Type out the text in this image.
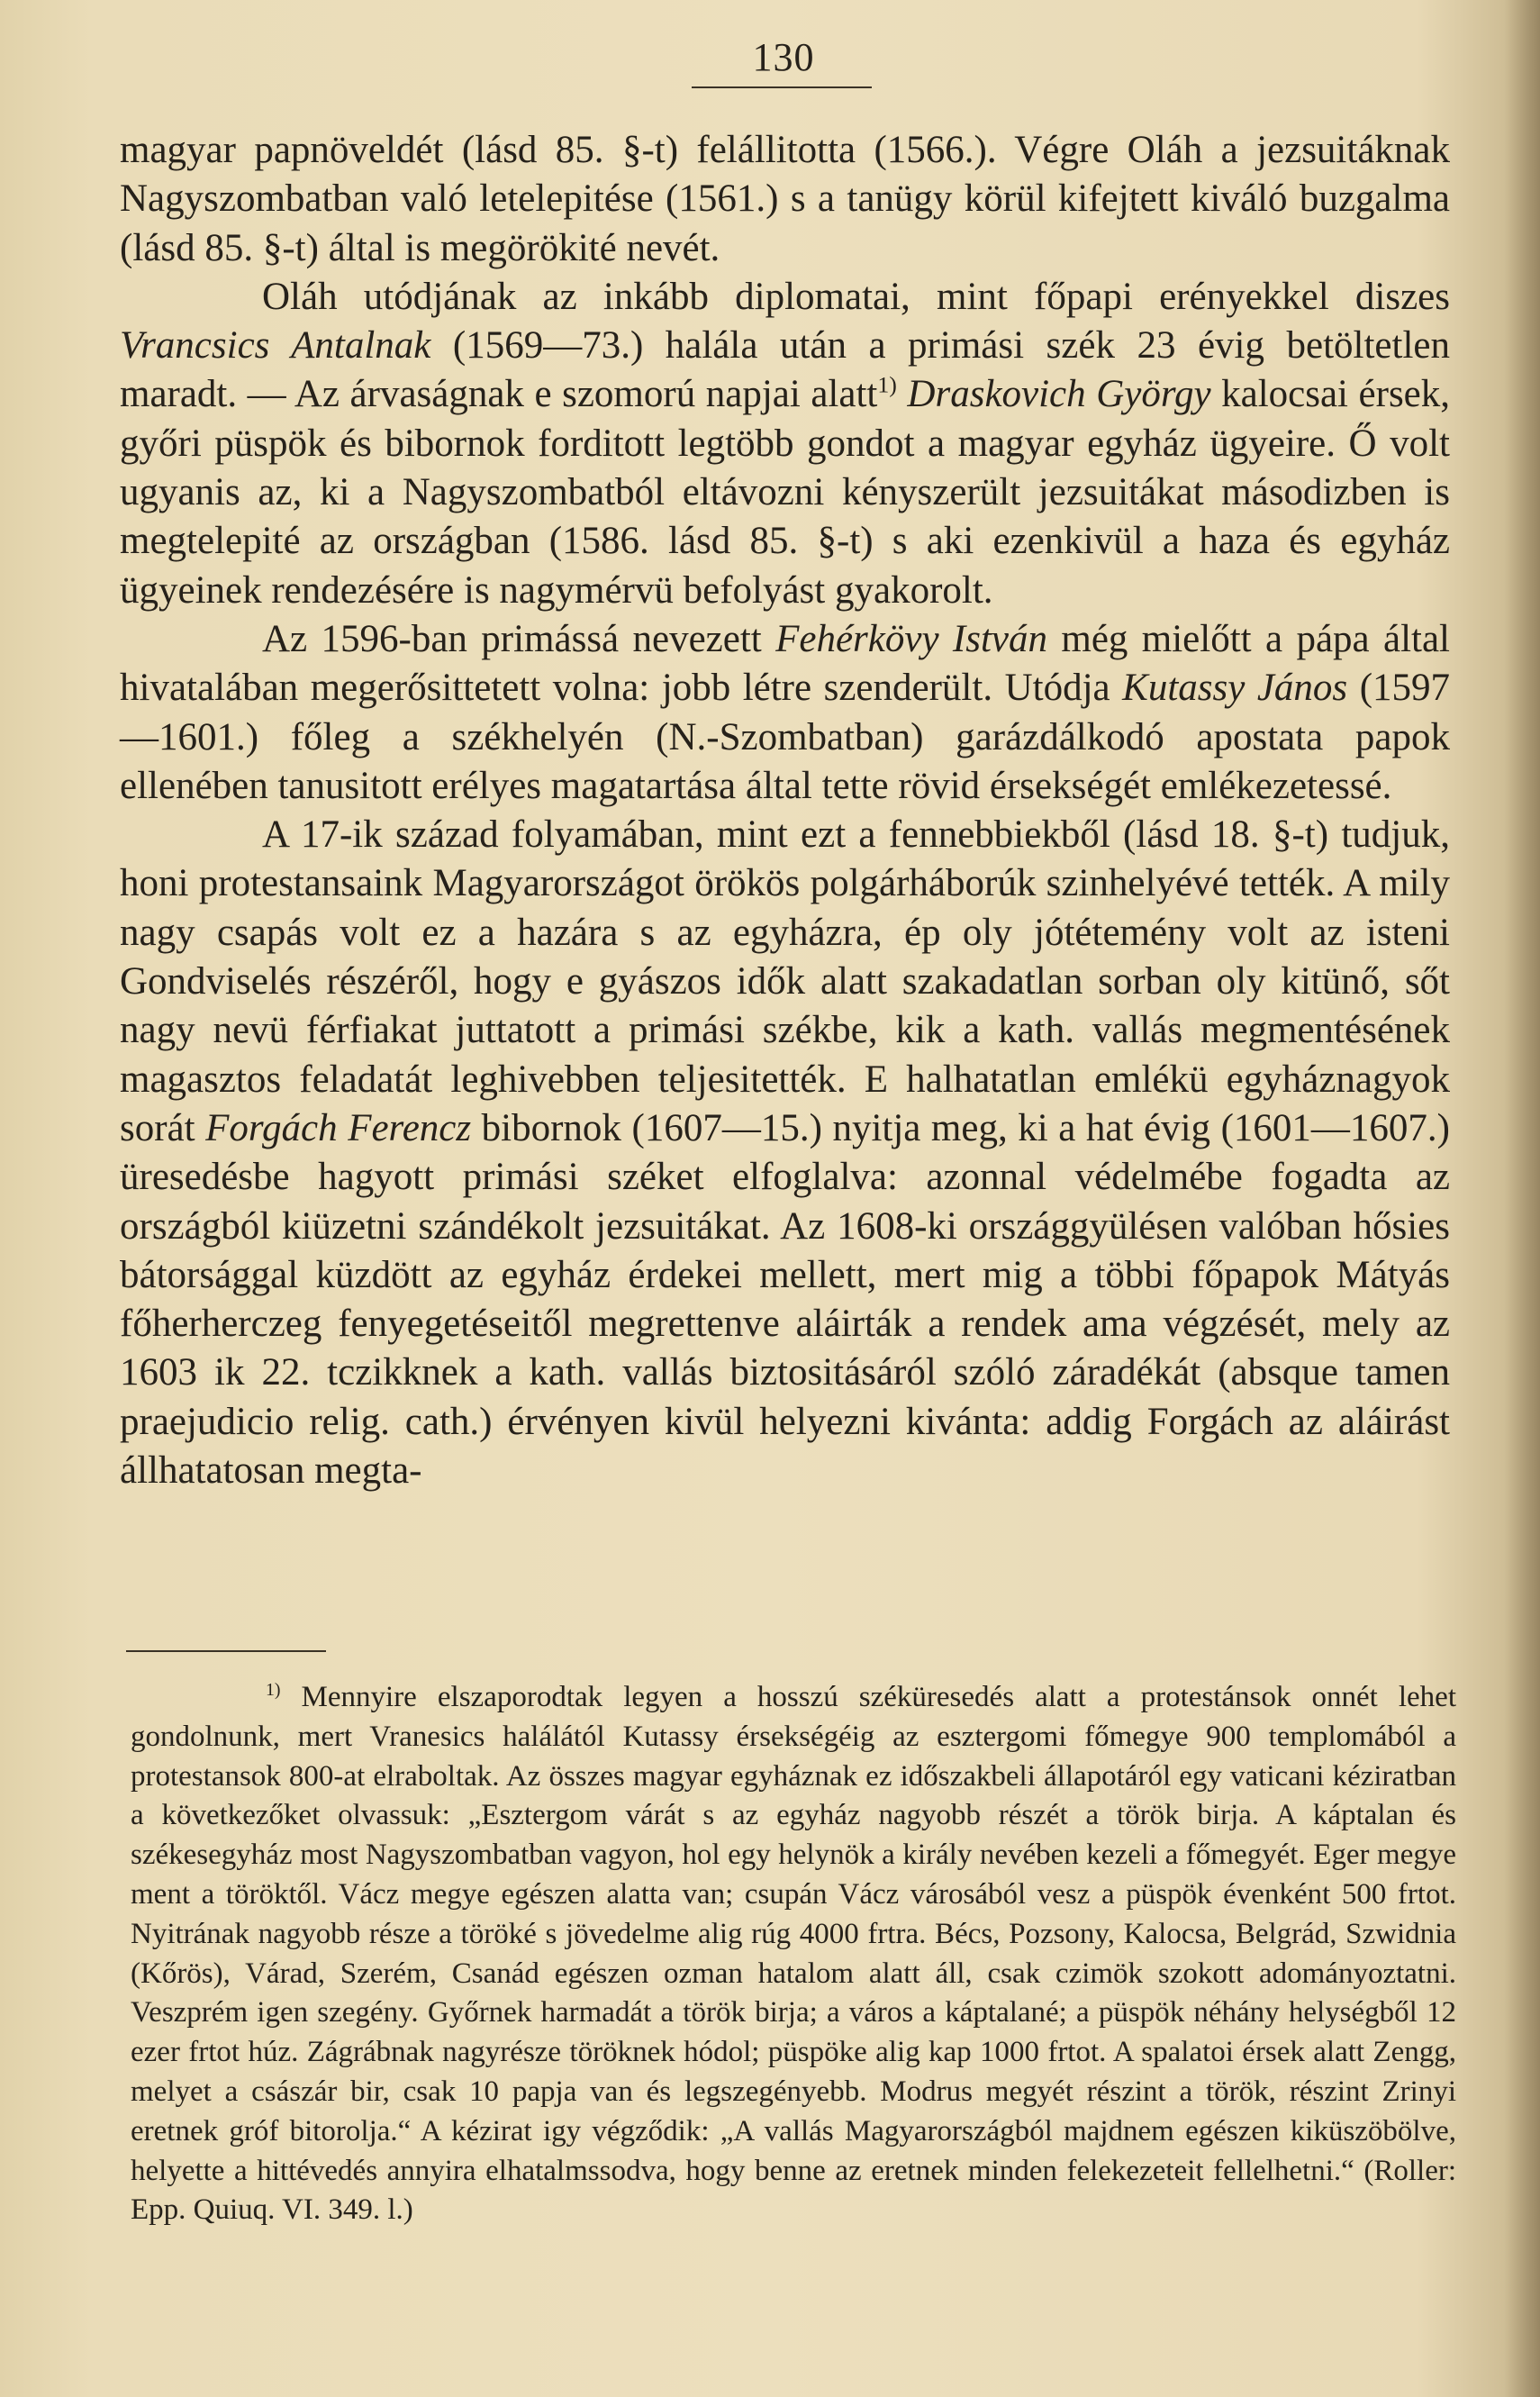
130

magyar papnöveldét (lásd 85. §-t) felállitotta (1566.). Végre Oláh a jezsuitáknak Nagyszombatban való letelepitése (1561.) s a tanügy körül kifejtett kiváló buzgalma (lásd 85. §-t) által is megörökité nevét.

Oláh utódjának az inkább diplomatai, mint főpapi erényekkel diszes Vrancsics Antalnak (1569—73.) halála után a primási szék 23 évig betöltetlen maradt. — Az árvaságnak e szomorú napjai alatt$^{1)}$ Draskovich György kalocsai érsek, győri püspök és bibornok forditott legtöbb gondot a magyar egyház ügyeire. Ő volt ugyanis az, ki a Nagyszombatból eltávozni kényszerült jezsuitákat másodizben is megtelepité az országban (1586. lásd 85. §-t) s aki ezenkivül a haza és egyház ügyeinek rendezésére is nagymérvü befolyást gyakorolt.

Az 1596-ban primássá nevezett Fehérkövy István még mielőtt a pápa által hivatalában megerősittetett volna: jobb létre szenderült. Utódja Kutassy János (1597—1601.) főleg a székhelyén (N.-Szombatban) garázdálkodó apostata papok ellenében tanusitott erélyes magatartása által tette rövid érsekségét emlékezetessé.

A 17-ik század folyamában, mint ezt a fennebbiekből (lásd 18. §-t) tudjuk, honi protestansaink Magyarországot örökös polgárháborúk szinhelyévé tették. A mily nagy csapás volt ez a hazára s az egyházra, ép oly jótétemény volt az isteni Gondviselés részéről, hogy e gyászos idők alatt szakadatlan sorban oly kitünő, sőt nagy nevü férfiakat juttatott a primási székbe, kik a kath. vallás megmentésének magasztos feladatát leghivebben teljesitették. E halhatatlan emlékü egyháznagyok sorát Forgách Ferencz bibornok (1607—15.) nyitja meg, ki a hat évig (1601—1607.) üresedésbe hagyott primási széket elfoglalva: azonnal védelmébe fogadta az országból kiüzetni szándékolt jezsuitákat. Az 1608-ki országgyülésen valóban hősies bátorsággal küzdött az egyház érdekei mellett, mert mig a többi főpapok Mátyás főherherczeg fenyegetéseitől megrettenve aláirták a rendek ama végzését, mely az 1603 ik 22. tczikknek a kath. vallás biztositásáról szóló záradékát (absque tamen praejudicio relig. cath.) érvényen kivül helyezni kivánta: addig Forgách az aláirást állhatatosan megta-

$^{1)}$ Mennyire elszaporodtak legyen a hosszú széküresedés alatt a protestánsok onnét lehet gondolnunk, mert Vranesics halálától Kutassy érsekségéig az esztergomi főmegye 900 templomából a protestansok 800-at elraboltak. Az összes magyar egyháznak ez időszakbeli állapotáról egy vaticani kéziratban a következőket olvassuk: „Esztergom várát s az egyház nagyobb részét a török birja. A káptalan és székesegyház most Nagyszombatban vagyon, hol egy helynök a király nevében kezeli a főmegyét. Eger megye ment a töröktől. Vácz megye egészen alatta van; csupán Vácz városából vesz a püspök évenként 500 frtot. Nyitrának nagyobb része a töröké s jövedelme alig rúg 4000 frtra. Bécs, Pozsony, Kalocsa, Belgrád, Szwidnia (Kőrös), Várad, Szerém, Csanád egészen ozman hatalom alatt áll, csak czimök szokott adományoztatni. Veszprém igen szegény. Győrnek harmadát a török birja; a város a káptalané; a püspök néhány helységből 12 ezer frtot húz. Zágrábnak nagyrésze töröknek hódol; püspöke alig kap 1000 frtot. A spalatoi érsek alatt Zengg, melyet a császár bir, csak 10 papja van és legszegényebb. Modrus megyét részint a török, részint Zrinyi eretnek gróf bitorolja.“ A kézirat igy végződik: „A vallás Magyarországból majdnem egészen kiküszöbölve, helyette a hittévedés annyira elhatalmssodva, hogy benne az eretnek minden felekezeteit fellelhetni.“ (Roller: Epp. Quiuq. VI. 349. l.)
